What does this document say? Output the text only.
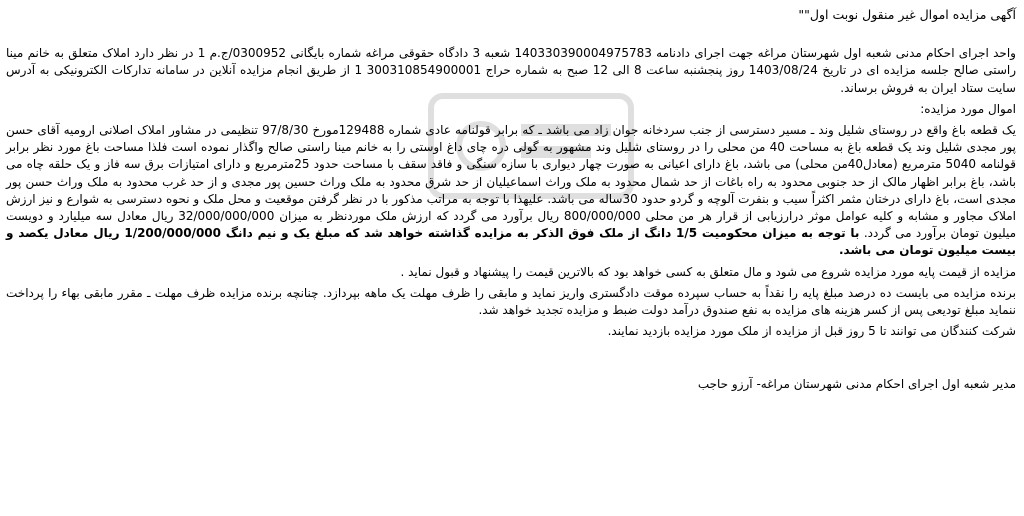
آگهی مزایده اموال غیر منقول نوبت اول""

واحد اجرای احکام مدنی شعبه اول شهرستان مراغه جهت اجرای دادنامه 140330390004975783 شعبه 3 دادگاه حقوقی مراغه شماره بایگانی 0300952/ج.م 1 در نظر دارد املاک متعلق به خانم مینا راستی صالح جلسه مزایده ای در تاریخ 1403/08/24 روز پنجشنبه ساعت 8 الی 12 صبح به شماره حراج 300310854900001 1 از طریق انجام مزایده آنلاین در سامانه تدارکات الکترونیکی به آدرس سایت ستاد ایران به فروش برساند.

اموال مورد مزایده:

یک قطعه باغ واقع در روستای شلیل وند ـ مسیر دسترسی از جنب سردخانه جوان زاد می باشد ـ که برابر قولنامه عادی شماره 129488مورخ 97/8/30 تنظیمی در مشاور املاک اصلانی ارومیه آقای حسن پور مجدی شلیل وند یک قطعه باغ به مساحت 40 من محلی را در روستای شلیل وند مشهور به گولی دره چای داغ اوستی را به خانم مینا راستی صالح واگذار نموده است فلذا مساحت باغ مورد نظر برابر قولنامه 5040 مترمربع (معادل40من محلی) می باشد، باغ دارای اعیانی به صورت چهار دیواری با سازه سنگی و فاقد سقف با مساحت حدود 25مترمربع و دارای امتیازات برق سه فاز و یک حلقه چاه می باشد، باغ برابر اظهار مالک از حد جنوبی محدود به راه باغات از حد شمال محدود به ملک وراث اسماعیلیان از حد شرق محدود به ملک وراث حسین پور مجدی و از حد غرب محدود به ملک وراث حسن پور مجدی است، باغ دارای درختان مثمر اکثراً سیب و بنفرت آلوچه و گردو حدود 30ساله می باشد. علیهذا با توجه به مراتب مذکور با در نظر گرفتن موقعیت و محل ملک و نحوه دسترسی به شوارع و نیز ارزش املاک مجاور و مشابه و کلیه عوامل موثر درارزیابی از قرار هر من محلی 800/000/000 ریال برآورد می گردد که ارزش ملک مورد‌نظر به میزان 32/000/000/000 ریال معادل سه میلیارد و دویست میلیون تومان برآورد می گردد. با توجه به میزان محکومیت 1/5 دانگ از ملک فوق الذکر به مزایده گذاشته خواهد شد که مبلغ یک و نیم دانگ 1/200/000/000 ریال معادل یکصد و بیست میلیون تومان می باشد.

مزایده از قیمت پایه مورد مزایده شروع می شود و مال متعلق به کسی خواهد بود که بالاترین قیمت را پیشنهاد و قبول نماید .

برنده مزایده می بایست ده درصد مبلغ پایه را نقداً به حساب سپرده موقت دادگستری واریز نماید و مابقی را ظرف مهلت یک ماهه بپردازد. چنانچه برنده مزایده ظرف مهلت ـ مقرر مابقی بهاء را پرداخت ننماید مبلغ تودیعی پس از کسر هزینه های مزایده به نفع صندوق درآمد دولت ضبط و مزایده تجدید خواهد شد.

شرکت کنندگان می توانند تا 5 روز قبل از مزایده از ملک مورد مزایده بازدید نمایند.

مدیر شعبه اول اجرای احکام مدنی شهرستان مراغه- آرزو حاجب
